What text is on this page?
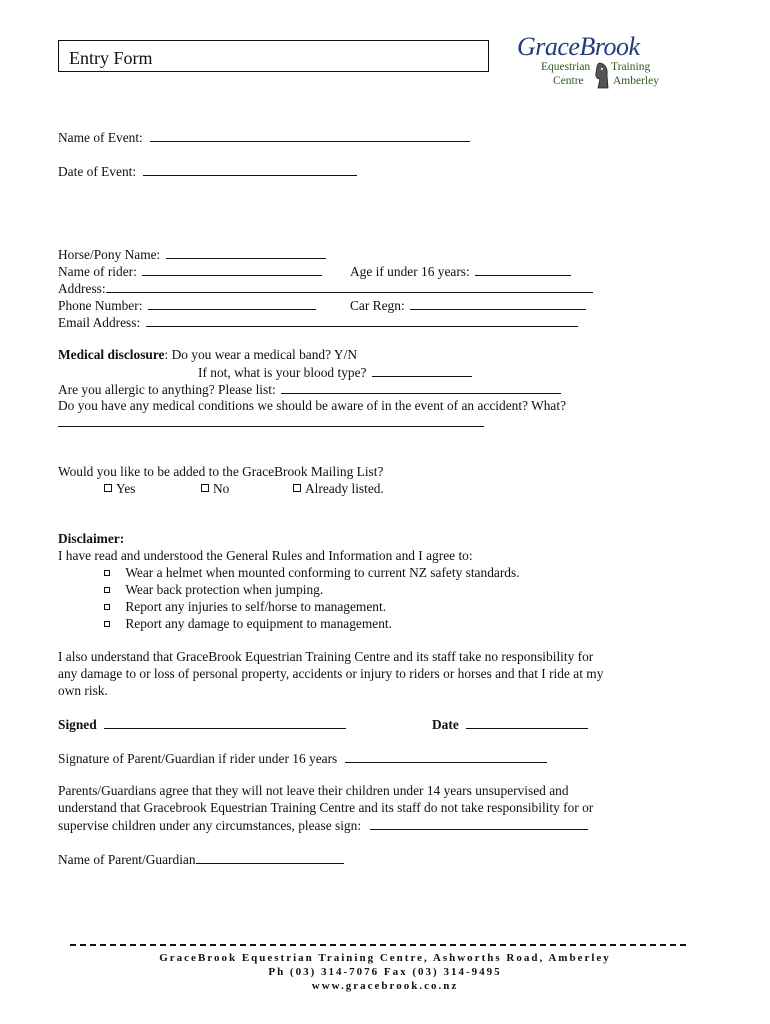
Entry Form	GraceBrook
Equestrian Training
Centre	Amberley
Name of Event:
Date of Event:
Horse/Pony Name:
Name of rider:	Age if under 16 years:
Address:
Phone Number:	Car Regn:
Email Address:
Medical disclosure: Do you wear a medical band? Y/N
If not, what is your blood type?
Are you allergic to anything? Please list:
Do you have any medical conditions we should be aware of in the event of an accident? What?
Would you like to be added to the GraceBrook Mailing List?
Yes	No	Already listed.
Disclaimer:
I have read and understood the General Rules and Information and I agree to:
Wear a helmet when mounted conforming to current NZ safety standards.
Wear back protection when jumping.
Report any injuries to self/horse to management.
Report any damage to equipment to management.
I also understand that GraceBrook Equestrian Training Centre and its staff take no responsibility for
any damage to or loss of personal property, accidents or injury to riders or horses and that I ride at my
own risk.
Signed	Date
Signature of Parent/Guardian if rider under 16 years
Parents/Guardians agree that they will not leave their children under 14 years unsupervised and
understand that Gracebrook Equestrian Training Centre and its staff do not take responsibility for or
supervise children under any circumstances, please sign:
Name of Parent/Guardian
GraceBrook Equestrian Training Centre, Ashworths Road, Amberley
Ph (03) 314-7076 Fax (03) 314-9495
www.gracebrook.co.nz
